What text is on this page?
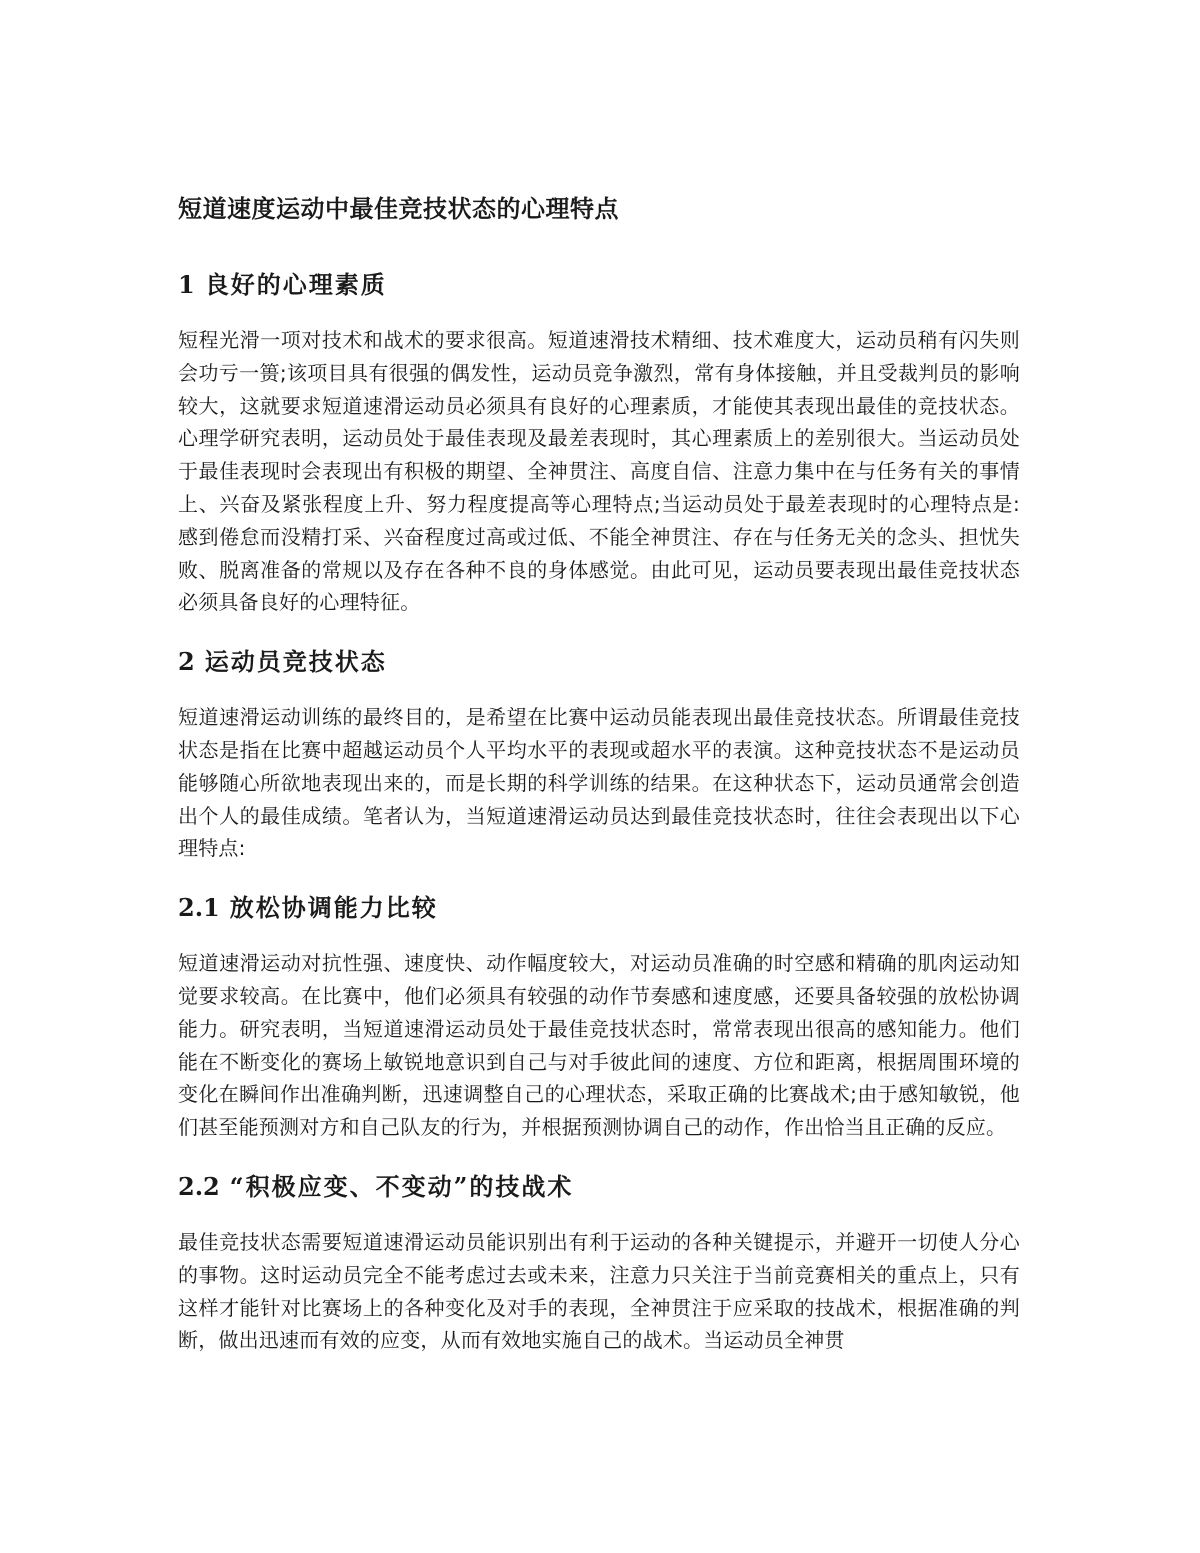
短道速度运动中最佳竞技状态的心理特点
1 良好的心理素质

短程光滑一项对技术和战术的要求很高。短道速滑技术精细、技术难度大，运动员稍有闪失则会功亏一篑;该项目具有很强的偶发性，运动员竞争激烈，常有身体接触，并且受裁判员的影响较大，这就要求短道速滑运动员必须具有良好的心理素质，才能使其表现出最佳的竞技状态。心理学研究表明，运动员处于最佳表现及最差表现时，其心理素质上的差别很大。当运动员处于最佳表现时会表现出有积极的期望、全神贯注、高度自信、注意力集中在与任务有关的事情上、兴奋及紧张程度上升、努力程度提高等心理特点;当运动员处于最差表现时的心理特点是:感到倦怠而没精打采、兴奋程度过高或过低、不能全神贯注、存在与任务无关的念头、担忧失败、脱离准备的常规以及存在各种不良的身体感觉。由此可见，运动员要表现出最佳竞技状态必须具备良好的心理特征。

2 运动员竞技状态

短道速滑运动训练的最终目的，是希望在比赛中运动员能表现出最佳竞技状态。所谓最佳竞技状态是指在比赛中超越运动员个人平均水平的表现或超水平的表演。这种竞技状态不是运动员能够随心所欲地表现出来的，而是长期的科学训练的结果。在这种状态下，运动员通常会创造出个人的最佳成绩。笔者认为，当短道速滑运动员达到最佳竞技状态时，往往会表现出以下心理特点:

2.1 放松协调能力比较

短道速滑运动对抗性强、速度快、动作幅度较大，对运动员准确的时空感和精确的肌肉运动知觉要求较高。在比赛中，他们必须具有较强的动作节奏感和速度感，还要具备较强的放松协调能力。研究表明，当短道速滑运动员处于最佳竞技状态时，常常表现出很高的感知能力。他们能在不断变化的赛场上敏锐地意识到自己与对手彼此间的速度、方位和距离，根据周围环境的变化在瞬间作出准确判断，迅速调整自己的心理状态，采取正确的比赛战术;由于感知敏锐，他们甚至能预测对方和自己队友的行为，并根据预测协调自己的动作，作出恰当且正确的反应。

2.2 “积极应变、不变动”的技战术

最佳竞技状态需要短道速滑运动员能识别出有利于运动的各种关键提示，并避开一切使人分心的事物。这时运动员完全不能考虑过去或未来，注意力只关注于当前竞赛相关的重点上，只有这样才能针对比赛场上的各种变化及对手的表现，全神贯注于应采取的技战术，根据准确的判断，做出迅速而有效的应变，从而有效地实施自己的战术。当运动员全神贯
